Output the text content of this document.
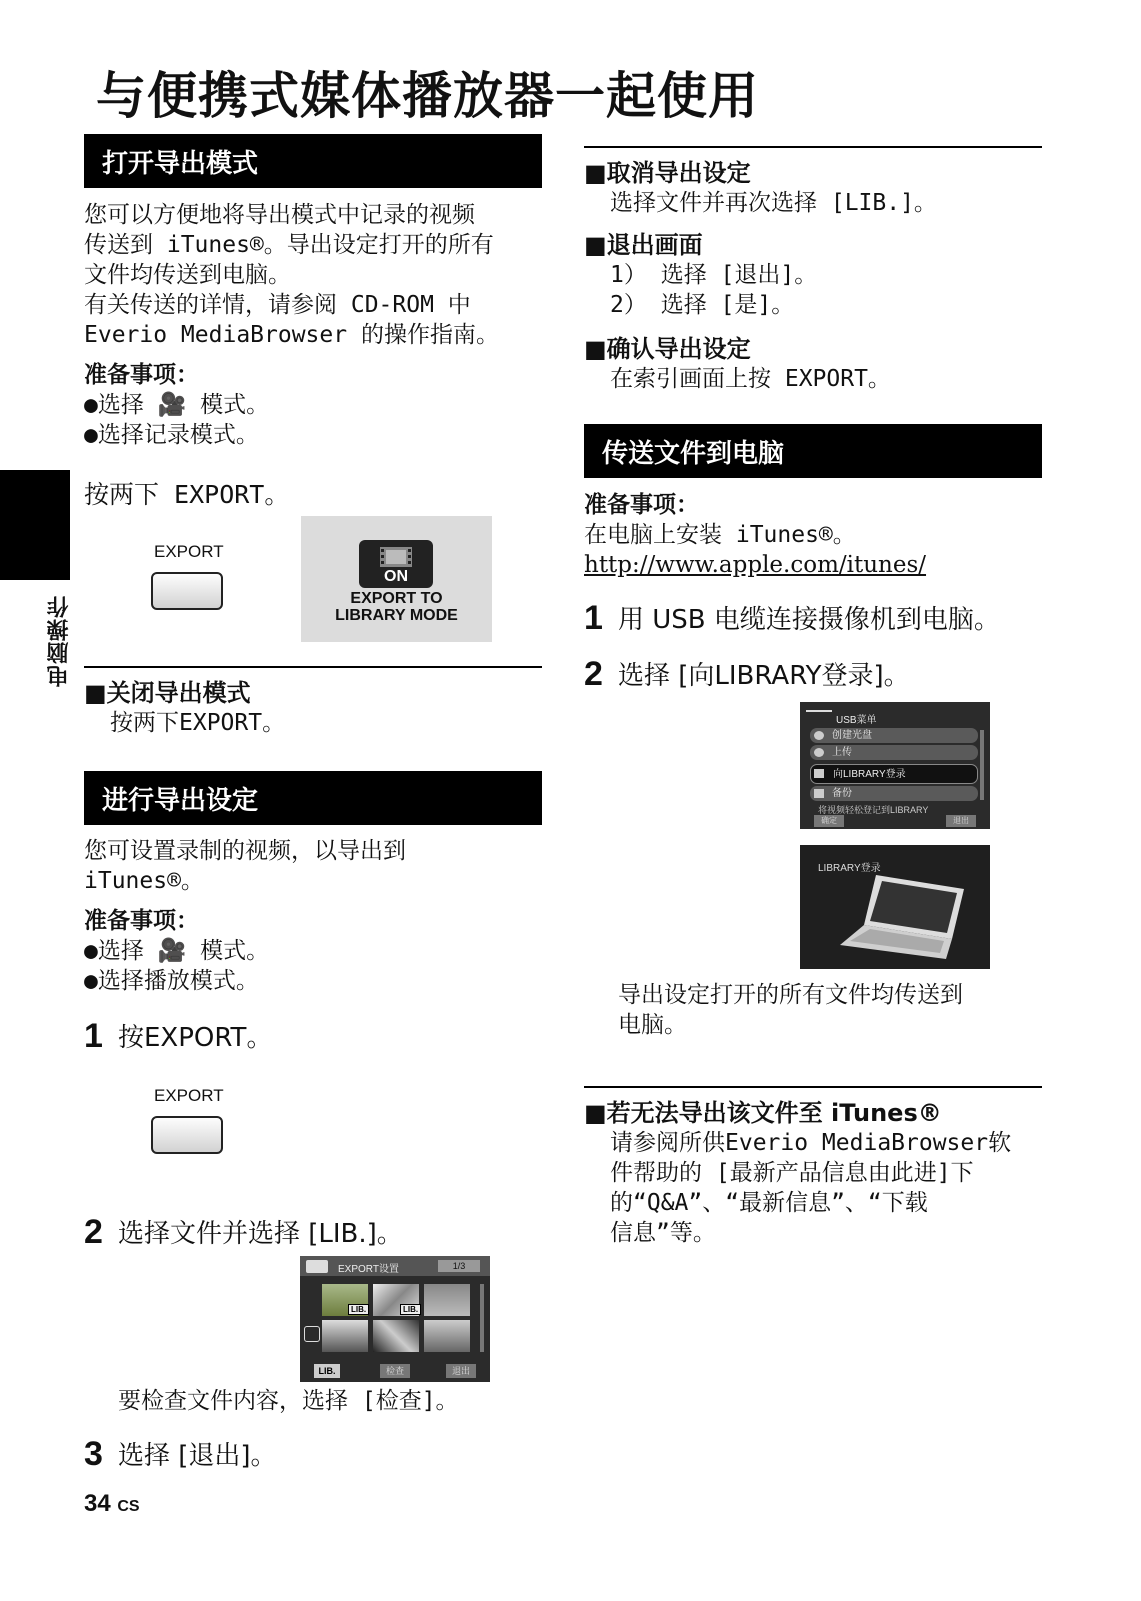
与便携式媒体播放器一起使用
电脑操作
打开导出模式
您可以方便地将导出模式中记录的视频
传送到 iTunes®。导出设定打开的所有
文件均传送到电脑。
有关传送的详情，请参阅 CD-ROM 中
Everio MediaBrowser 的操作指南。
准备事项：
●选择 🎥 模式。
●选择记录模式。
按两下 EXPORT。
EXPORT
ON
EXPORT TO
LIBRARY MODE
■关闭导出模式
按两下EXPORT。
进行导出设定
您可设置录制的视频，以导出到
iTunes®。
准备事项：
●选择 🎥 模式。
●选择播放模式。
1 按EXPORT。
EXPORT
2 选择文件并选择 [LIB.]。
EXPORT设置	1/3
LIB.	LIB.
LIB.	检查	退出
要检查文件内容，选择 [检查]。
3 选择 [退出]。
34 CS
■取消导出设定
选择文件并再次选择 [LIB.]。
■退出画面
1） 选择 [退出]。
2） 选择 [是]。
■确认导出设定
在索引画面上按 EXPORT。
传送文件到电脑
准备事项：
在电脑上安装 iTunes®。
http://www.apple.com/itunes/
1 用 USB 电缆连接摄像机到电脑。
2 选择 [向LIBRARY登录]。
USB菜单
创建光盘
上传
向LIBRARY登录
备份
将视频轻松登记到LIBRARY
确定	退出
LIBRARY登录
导出设定打开的所有文件均传送到
电脑。
■若无法导出该文件至 iTunes®
请参阅所供Everio MediaBrowser软
件帮助的 [最新产品信息由此进]下
的“Q&A”、“最新信息”、“下载
信息”等。
